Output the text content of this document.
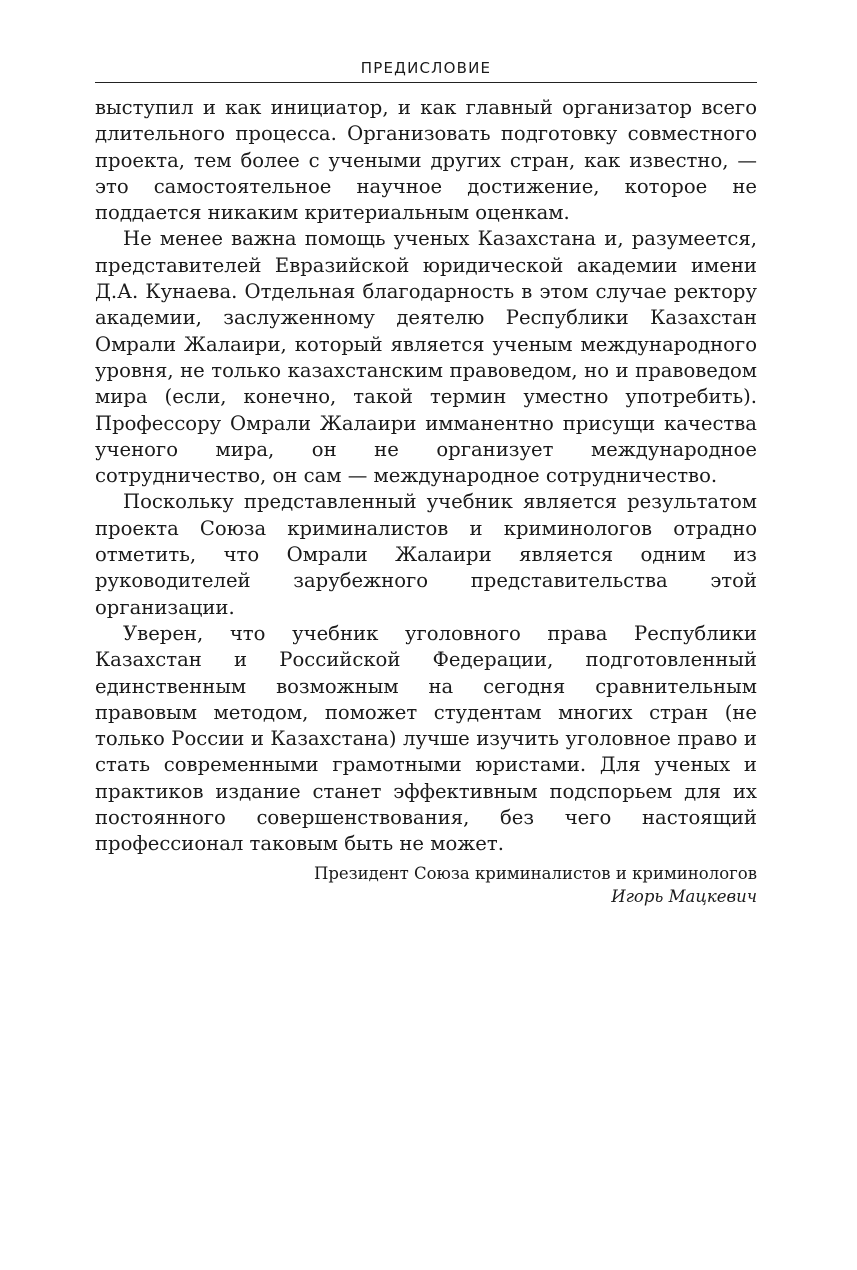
ПРЕДИСЛОВИЕ

выступил и как инициатор, и как главный организатор всего длительного процесса. Организовать подготовку совместного проекта, тем более с учеными других стран, как известно, — это самостоятельное научное достижение, которое не поддается никаким критериальным оценкам.

Не менее важна помощь ученых Казахстана и, разумеется, представителей Евразийской юридической академии имени Д.А. Кунаева. Отдельная благодарность в этом случае ректору академии, заслуженному деятелю Республики Казахстан Омрали Жалаири, который является ученым международного уровня, не только казахстанским правоведом, но и правоведом мира (если, конечно, такой термин уместно употребить). Профессору Омрали Жалаири имманентно присущи качества ученого мира, он не организует международное сотрудничество, он сам — международное сотрудничество.

Поскольку представленный учебник является результатом проекта Союза криминалистов и криминологов отрадно отметить, что Омрали Жалаири является одним из руководителей зарубежного представительства этой организации.

Уверен, что учебник уголовного права Республики Казахстан и Российской Федерации, подготовленный единственным возможным на сегодня сравнительным правовым методом, поможет студентам многих стран (не только России и Казахстана) лучше изучить уголовное право и стать современными грамотными юристами. Для ученых и практиков издание станет эффективным подспорьем для их постоянного совершенствования, без чего настоящий профессионал таковым быть не может.

Президент Союза криминалистов и криминологов
Игорь Мацкевич
